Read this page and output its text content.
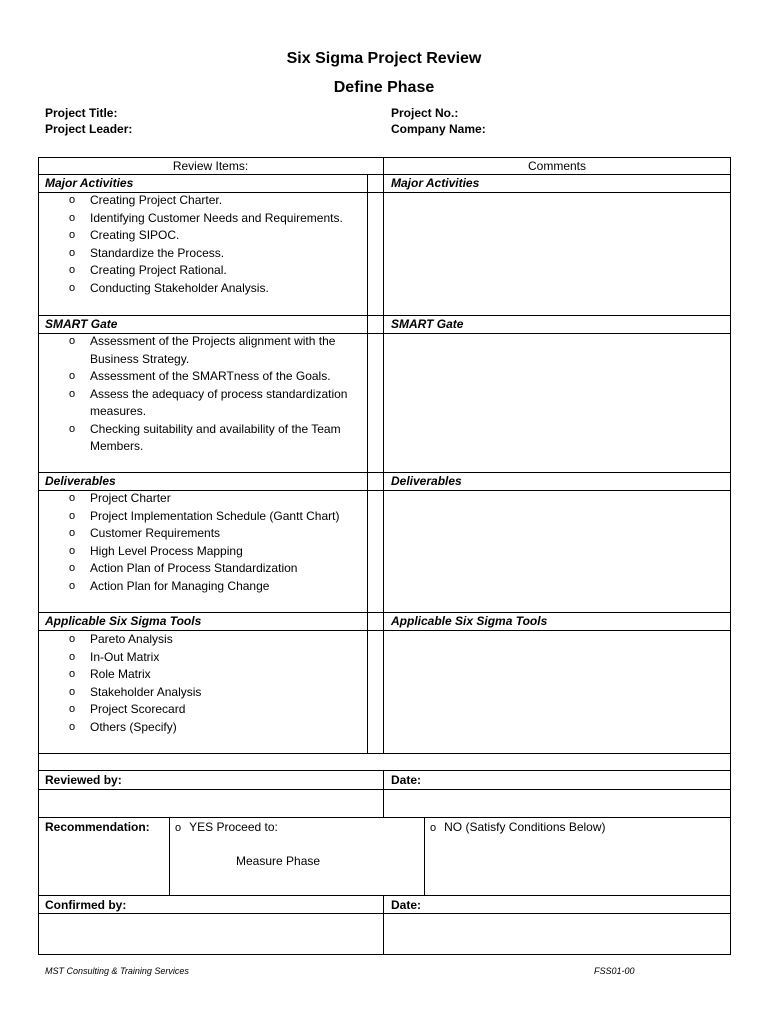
Six Sigma Project Review
Define Phase
Project Title:
Project Leader:
Project No.:
Company Name:
Review Items:	Comments
Major Activities	Major Activities
o Creating Project Charter.
o Identifying Customer Needs and Requirements.
o Creating SIPOC.
o Standardize the Process.
o Creating Project Rational.
o Conducting Stakeholder Analysis.
SMART Gate	SMART Gate
o Assessment of the Projects alignment with the Business Strategy.
o Assessment of the SMARTness of the Goals.
o Assess the adequacy of process standardization measures.
o Checking suitability and availability of the Team Members.
Deliverables	Deliverables
o Project Charter
o Project Implementation Schedule (Gantt Chart)
o Customer Requirements
o High Level Process Mapping
o Action Plan of Process Standardization
o Action Plan for Managing Change
Applicable Six Sigma Tools	Applicable Six Sigma Tools
o Pareto Analysis
o In-Out Matrix
o Role Matrix
o Stakeholder Analysis
o Project Scorecard
o Others (Specify)
Reviewed by:	Date:
Recommendation: o YES Proceed to:
Measure Phase
o NO (Satisfy Conditions Below)
Confirmed by:	Date:
MST Consulting & Training Services	FSS01-00
